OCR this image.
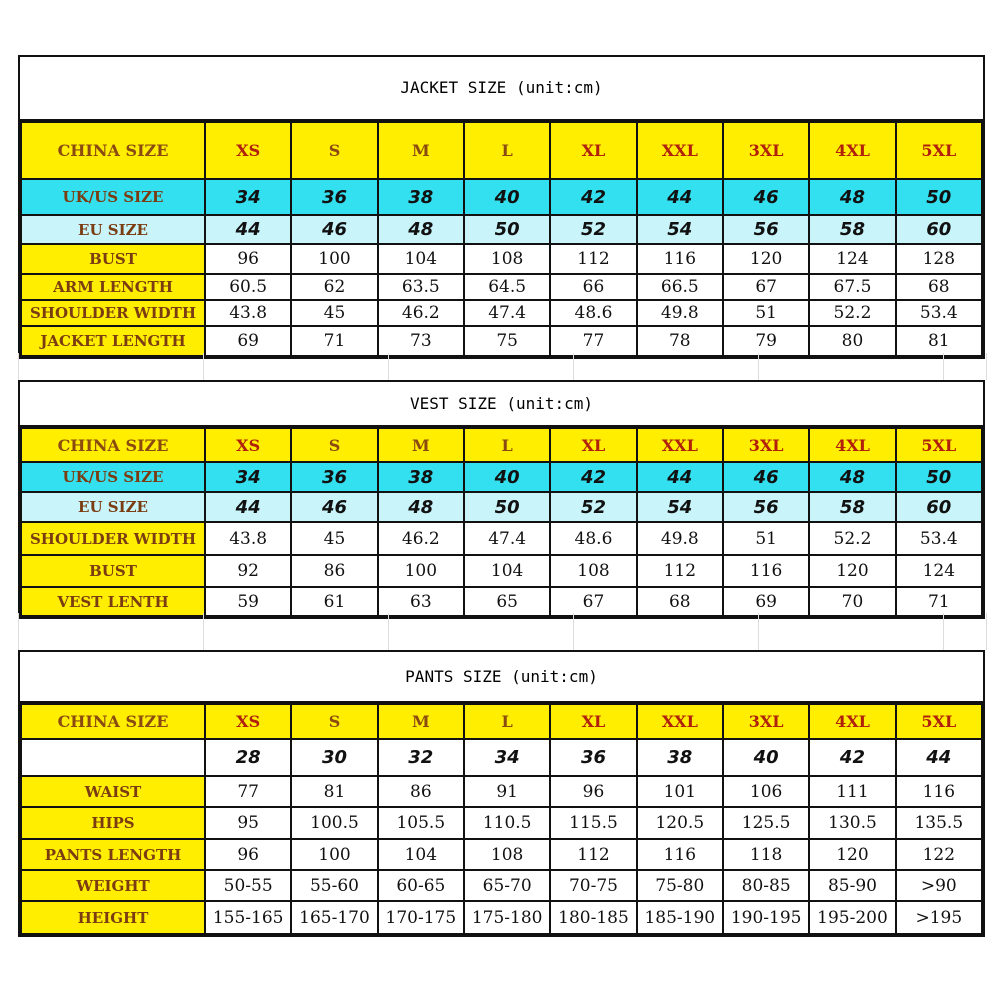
JACKET SIZE (unit:cm)
CHINA SIZE	XS	S	M	L	XL	XXL	3XL	4XL	5XL
UK/US SIZE	34	36	38	40	42	44	46	48	50
EU SIZE	44	46	48	50	52	54	56	58	60
BUST	96	100	104	108	112	116	120	124	128
ARM LENGTH	60.5	62	63.5	64.5	66	66.5	67	67.5	68
SHOULDER WIDTH	43.8	45	46.2	47.4	48.6	49.8	51	52.2	53.4
JACKET LENGTH	69	71	73	75	77	78	79	80	81
VEST SIZE (unit:cm)
CHINA SIZE	XS	S	M	L	XL	XXL	3XL	4XL	5XL
UK/US SIZE	34	36	38	40	42	44	46	48	50
EU SIZE	44	46	48	50	52	54	56	58	60
SHOULDER WIDTH	43.8	45	46.2	47.4	48.6	49.8	51	52.2	53.4
BUST	92	86	100	104	108	112	116	120	124
VEST LENTH	59	61	63	65	67	68	69	70	71
PANTS SIZE (unit:cm)
CHINA SIZE	XS	S	M	L	XL	XXL	3XL	4XL	5XL
	28	30	32	34	36	38	40	42	44
WAIST	77	81	86	91	96	101	106	111	116
HIPS	95	100.5	105.5	110.5	115.5	120.5	125.5	130.5	135.5
PANTS LENGTH	96	100	104	108	112	116	118	120	122
WEIGHT	50-55	55-60	60-65	65-70	70-75	75-80	80-85	85-90	>90
HEIGHT	155-165	165-170	170-175	175-180	180-185	185-190	190-195	195-200	>195
